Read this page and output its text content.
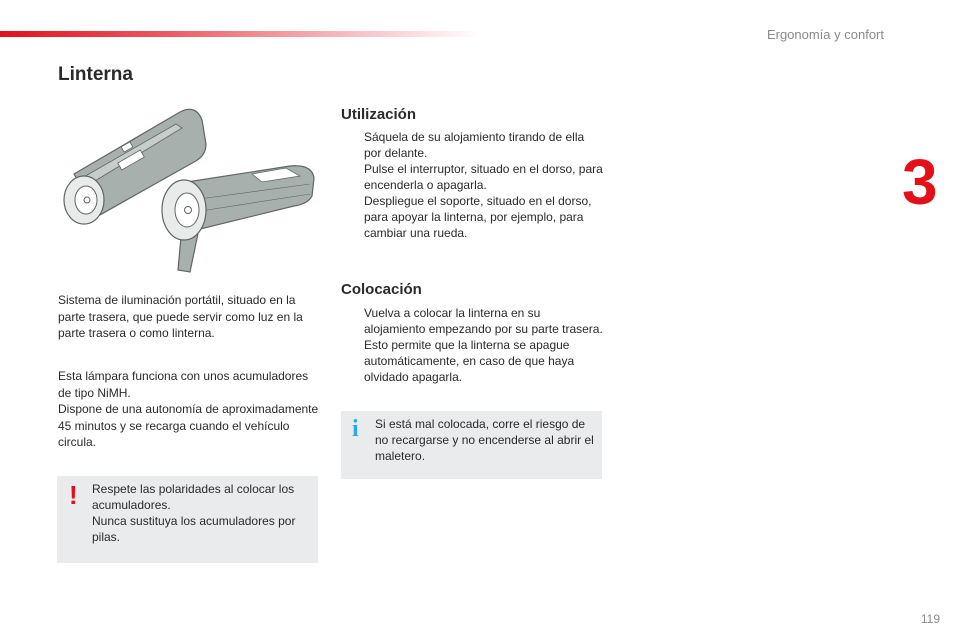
Ergonomía y confort
3
Linterna

Sistema de iluminación portátil, situado en la parte trasera, que puede servir como luz en la parte trasera o como linterna.

Esta lámpara funciona con unos acumuladores de tipo NiMH.
Dispone de una autonomía de aproximadamente 45 minutos y se recarga cuando el vehículo circula.
! Respete las polaridades al colocar los acumuladores.
Nunca sustituya los acumuladores por pilas.
Utilización
Sáquela de su alojamiento tirando de ella por delante.
Pulse el interruptor, situado en el dorso, para encenderla o apagarla.
Despliegue el soporte, situado en el dorso, para apoyar la linterna, por ejemplo, para cambiar una rueda.
Colocación
Vuelva a colocar la linterna en su alojamiento empezando por su parte trasera.
Esto permite que la linterna se apague automáticamente, en caso de que haya olvidado apagarla.
i Si está mal colocada, corre el riesgo de no recargarse y no encenderse al abrir el maletero.

119
